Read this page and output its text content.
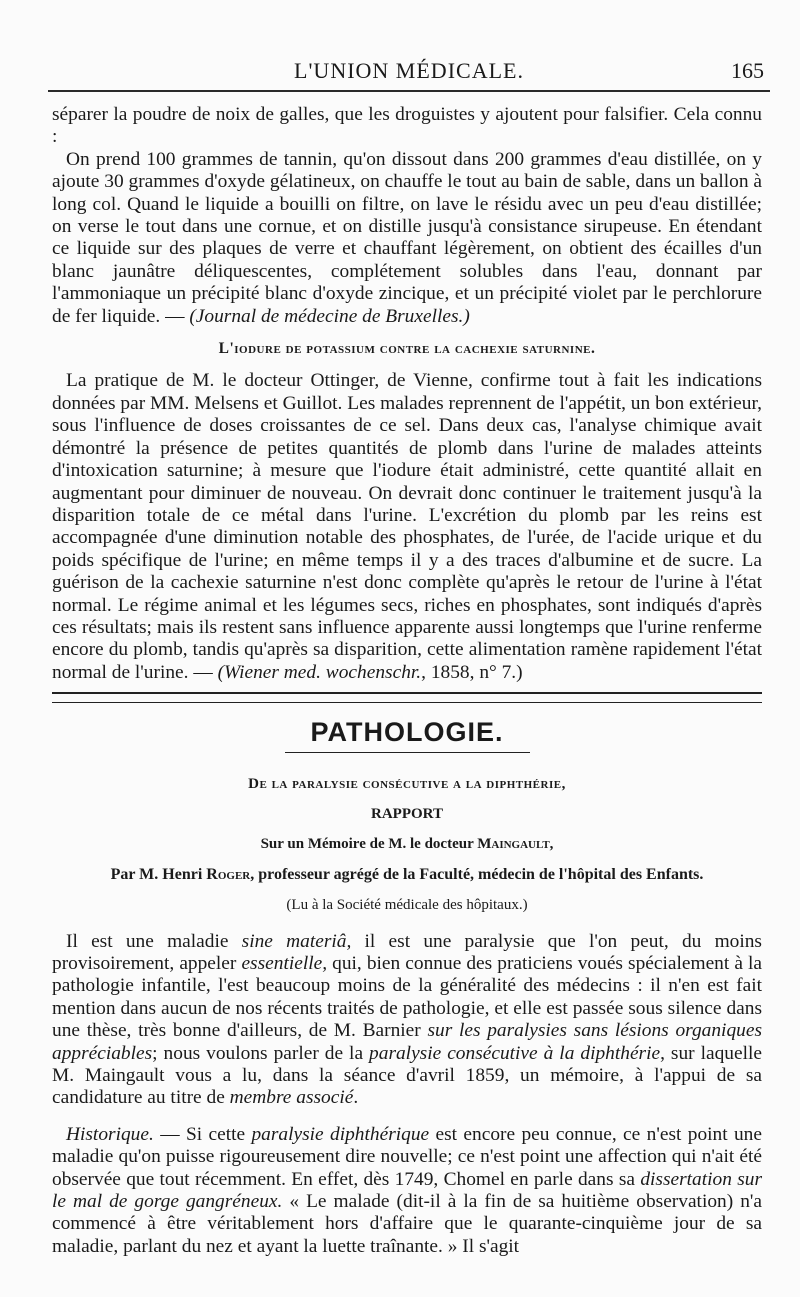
L'UNION MÉDICALE.	165

séparer la poudre de noix de galles, que les droguistes y ajoutent pour falsifier. Cela connu :

On prend 100 grammes de tannin, qu'on dissout dans 200 grammes d'eau distillée, on y ajoute 30 grammes d'oxyde gélatineux, on chauffe le tout au bain de sable, dans un ballon à long col. Quand le liquide a bouilli on filtre, on lave le résidu avec un peu d'eau distillée; on verse le tout dans une cornue, et on distille jusqu'à consistance sirupeuse. En étendant ce liquide sur des plaques de verre et chauffant légèrement, on obtient des écailles d'un blanc jaunâtre déliquescentes, complétement solubles dans l'eau, donnant par l'ammoniaque un précipité blanc d'oxyde zincique, et un précipité violet par le perchlorure de fer liquide. — (Journal de médecine de Bruxelles.)

L'iodure de potassium contre la cachexie saturnine.

La pratique de M. le docteur Ottinger, de Vienne, confirme tout à fait les indications données par MM. Melsens et Guillot. Les malades reprennent de l'appétit, un bon extérieur, sous l'influence de doses croissantes de ce sel. Dans deux cas, l'analyse chimique avait démontré la présence de petites quantités de plomb dans l'urine de malades atteints d'intoxication saturnine; à mesure que l'iodure était administré, cette quantité allait en augmentant pour diminuer de nouveau. On devrait donc continuer le traitement jusqu'à la disparition totale de ce métal dans l'urine. L'excrétion du plomb par les reins est accompagnée d'une diminution notable des phosphates, de l'urée, de l'acide urique et du poids spécifique de l'urine; en même temps il y a des traces d'albumine et de sucre. La guérison de la cachexie saturnine n'est donc complète qu'après le retour de l'urine à l'état normal. Le régime animal et les légumes secs, riches en phosphates, sont indiqués d'après ces résultats; mais ils restent sans influence apparente aussi longtemps que l'urine renferme encore du plomb, tandis qu'après sa disparition, cette alimentation ramène rapidement l'état normal de l'urine. — (Wiener med. wochenschr., 1858, n° 7.)

PATHOLOGIE.
De la paralysie consécutive a la diphthérie,
RAPPORT
Sur un Mémoire de M. le docteur Maingault,
Par M. Henri Roger, professeur agrégé de la Faculté, médecin de l'hôpital des Enfants.
(Lu à la Société médicale des hôpitaux.)

Il est une maladie sine materiâ, il est une paralysie que l'on peut, du moins provisoirement, appeler essentielle, qui, bien connue des praticiens voués spécialement à la pathologie infantile, l'est beaucoup moins de la généralité des médecins : il n'en est fait mention dans aucun de nos récents traités de pathologie, et elle est passée sous silence dans une thèse, très bonne d'ailleurs, de M. Barnier sur les paralysies sans lésions organiques appréciables; nous voulons parler de la paralysie consécutive à la diphthérie, sur laquelle M. Maingault vous a lu, dans la séance d'avril 1859, un mémoire, à l'appui de sa candidature au titre de membre associé.

Historique. — Si cette paralysie diphthérique est encore peu connue, ce n'est point une maladie qu'on puisse rigoureusement dire nouvelle; ce n'est point une affection qui n'ait été observée que tout récemment. En effet, dès 1749, Chomel en parle dans sa dissertation sur le mal de gorge gangréneux. « Le malade (dit-il à la fin de sa huitième observation) n'a commencé à être véritablement hors d'affaire que le quarante-cinquième jour de sa maladie, parlant du nez et ayant la luette traînante. » Il s'agit
